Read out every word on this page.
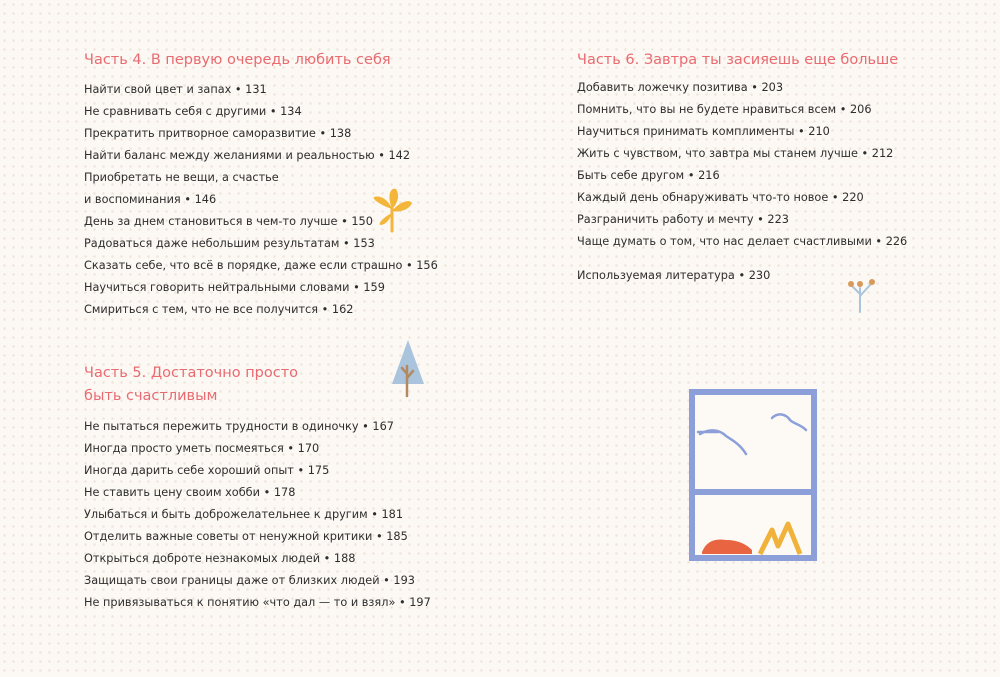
Часть 4. В первую очередь любить себя
Найти свой цвет и запах • 131
Не сравнивать себя с другими • 134
Прекратить притворное саморазвитие • 138
Найти баланс между желаниями и реальностью • 142
Приобретать не вещи, а счастье
и воспоминания • 146
День за днем становиться в чем-то лучше • 150
Радоваться даже небольшим результатам • 153
Сказать себе, что всё в порядке, даже если страшно • 156
Научиться говорить нейтральными словами • 159
Смириться с тем, что не все получится • 162
Часть 5. Достаточно просто
быть счастливым
Не пытаться пережить трудности в одиночку • 167
Иногда просто уметь посмеяться • 170
Иногда дарить себе хороший опыт • 175
Не ставить цену своим хобби • 178
Улыбаться и быть доброжелательнее к другим • 181
Отделить важные советы от ненужной критики • 185
Открыться доброте незнакомых людей • 188
Защищать свои границы даже от близких людей • 193
Не привязываться к понятию «что дал — то и взял» • 197
Часть 6. Завтра ты засияешь еще больше
Добавить ложечку позитива • 203
Помнить, что вы не будете нравиться всем • 206
Научиться принимать комплименты • 210
Жить с чувством, что завтра мы станем лучше • 212
Быть себе другом • 216
Каждый день обнаруживать что-то новое • 220
Разграничить работу и мечту • 223
Чаще думать о том, что нас делает счастливыми • 226
Используемая литература • 230
